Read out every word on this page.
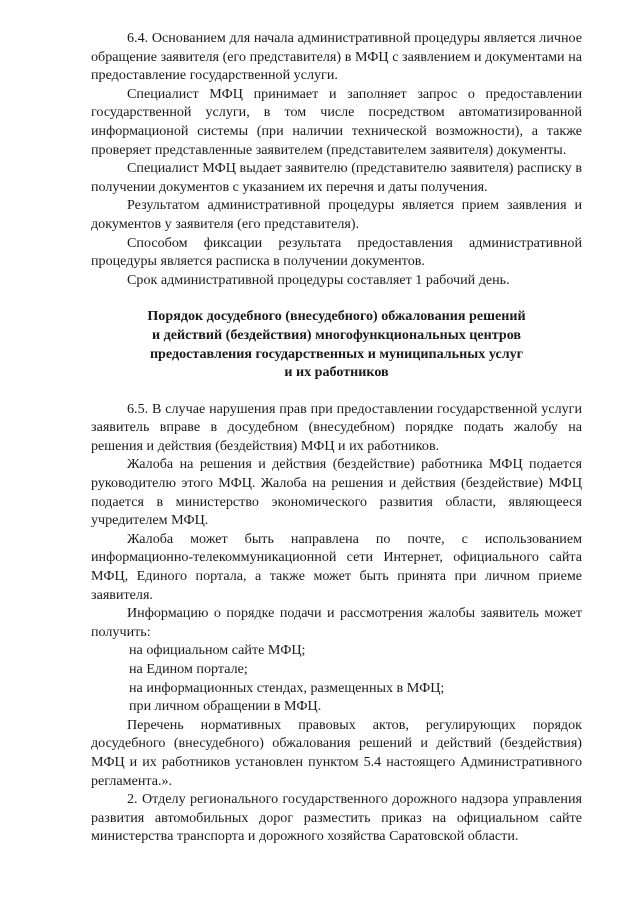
6.4. Основанием для начала административной процедуры является личное обращение заявителя (его представителя) в МФЦ с заявлением и документами на предоставление государственной услуги.

Специалист МФЦ принимает и заполняет запрос о предоставлении государственной услуги, в том числе посредством автоматизированной информационой системы (при наличии технической возможности), а также проверяет представленные заявителем (представителем заявителя) документы.

Специалист МФЦ выдает заявителю (представителю заявителя) расписку в получении документов с указанием их перечня и даты получения.

Результатом административной процедуры является прием заявления и документов у заявителя (его представителя).

Способом фиксации результата предоставления административной процедуры является расписка в получении документов.

Срок административной процедуры составляет 1 рабочий день.

Порядок досудебного (внесудебного) обжалования решений
и действий (бездействия) многофункциональных центров
предоставления государственных и муниципальных услуг
и их работников

6.5. В случае нарушения прав при предоставлении государственной услуги заявитель вправе в досудебном (внесудебном) порядке подать жалобу на решения и действия (бездействия) МФЦ и их работников.

Жалоба на решения и действия (бездействие) работника МФЦ подается руководителю этого МФЦ. Жалоба на решения и действия (бездействие) МФЦ подается в министерство экономического развития области, являющееся учредителем МФЦ.

Жалоба может быть направлена по почте, с использованием информационно-телекоммуникационной сети Интернет, официального сайта МФЦ, Единого портала, а также может быть принята при личном приеме заявителя.

Информацию о порядке подачи и рассмотрения жалобы заявитель может получить:

на официальном сайте МФЦ;

на Едином портале;

на информационных стендах, размещенных в МФЦ;

при личном обращении в МФЦ.

Перечень нормативных правовых актов, регулирующих порядок досудебного (внесудебного) обжалования решений и действий (бездействия) МФЦ и их работников установлен пунктом 5.4 настоящего Административного регламента.».

2. Отделу регионального государственного дорожного надзора управления развития автомобильных дорог разместить приказ на официальном сайте министерства транспорта и дорожного хозяйства Саратовской области.
